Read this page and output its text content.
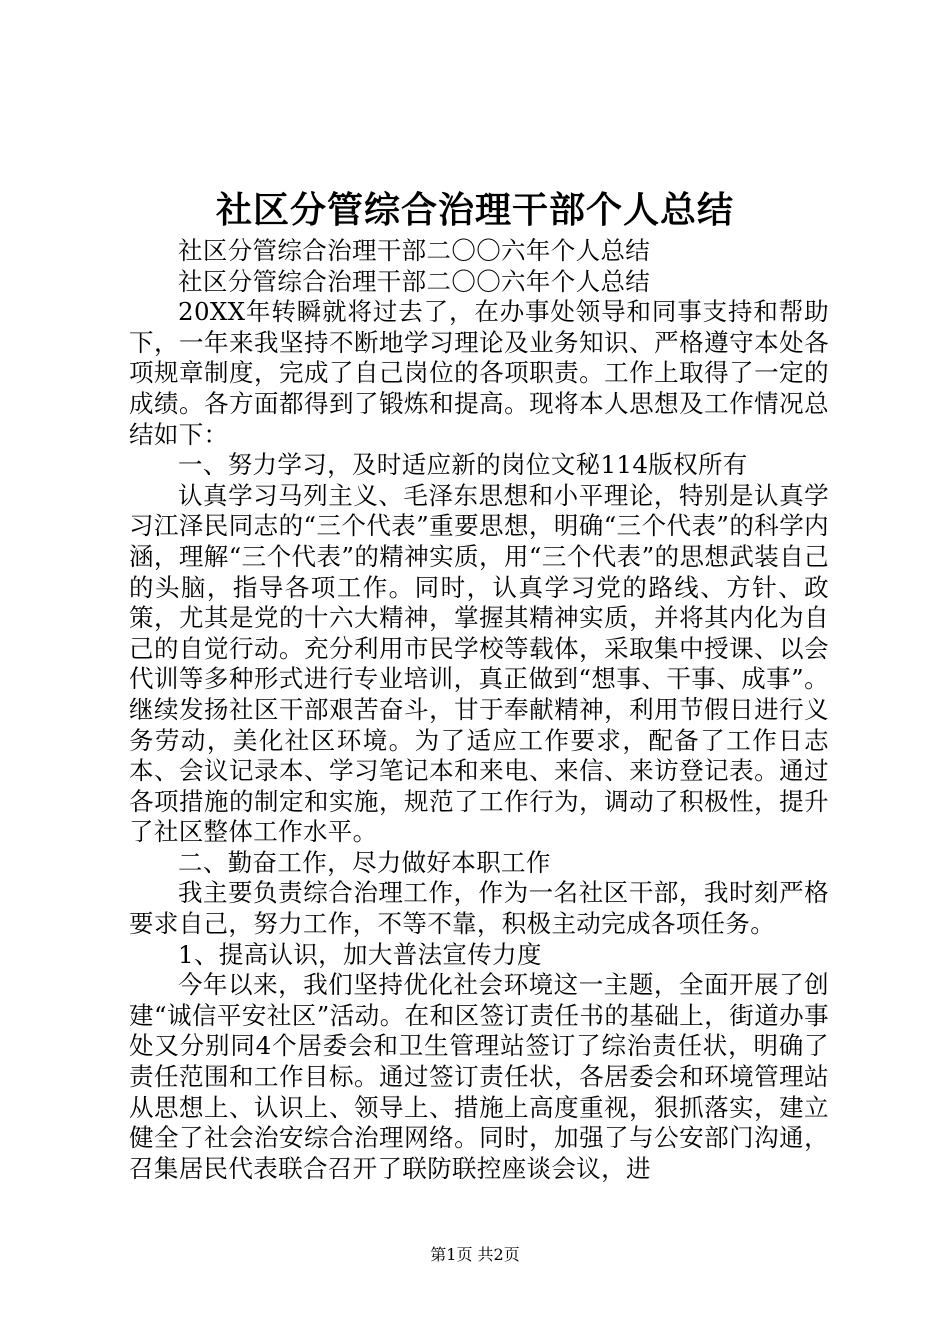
社区分管综合治理干部个人总结

社区分管综合治理干部二〇〇六年个人总结

社区分管综合治理干部二〇〇六年个人总结

20XX年转瞬就将过去了，在办事处领导和同事支持和帮助下，一年来我坚持不断地学习理论及业务知识、严格遵守本处各项规章制度，完成了自己岗位的各项职责。工作上取得了一定的成绩。各方面都得到了锻炼和提高。现将本人思想及工作情况总结如下：

一、努力学习，及时适应新的岗位文秘114版权所有

认真学习马列主义、毛泽东思想和小平理论，特别是认真学习江泽民同志的“三个代表”重要思想，明确“三个代表”的科学内涵，理解“三个代表”的精神实质，用“三个代表”的思想武装自己的头脑，指导各项工作。同时，认真学习党的路线、方针、政策，尤其是党的十六大精神，掌握其精神实质，并将其内化为自己的自觉行动。充分利用市民学校等载体，采取集中授课、以会代训等多种形式进行专业培训，真正做到“想事、干事、成事”。继续发扬社区干部艰苦奋斗，甘于奉献精神，利用节假日进行义务劳动，美化社区环境。为了适应工作要求，配备了工作日志本、会议记录本、学习笔记本和来电、来信、来访登记表。通过各项措施的制定和实施，规范了工作行为，调动了积极性，提升了社区整体工作水平。

二、勤奋工作，尽力做好本职工作

我主要负责综合治理工作，作为一名社区干部，我时刻严格要求自己，努力工作，不等不靠，积极主动完成各项任务。

1、提高认识，加大普法宣传力度

今年以来，我们坚持优化社会环境这一主题，全面开展了创建“诚信平安社区”活动。在和区签订责任书的基础上，街道办事处又分别同4个居委会和卫生管理站签订了综治责任状，明确了责任范围和工作目标。通过签订责任状，各居委会和环境管理站从思想上、认识上、领导上、措施上高度重视，狠抓落实，建立健全了社会治安综合治理网络。同时，加强了与公安部门沟通，召集居民代表联合召开了联防联控座谈会议，进

第1页 共2页
